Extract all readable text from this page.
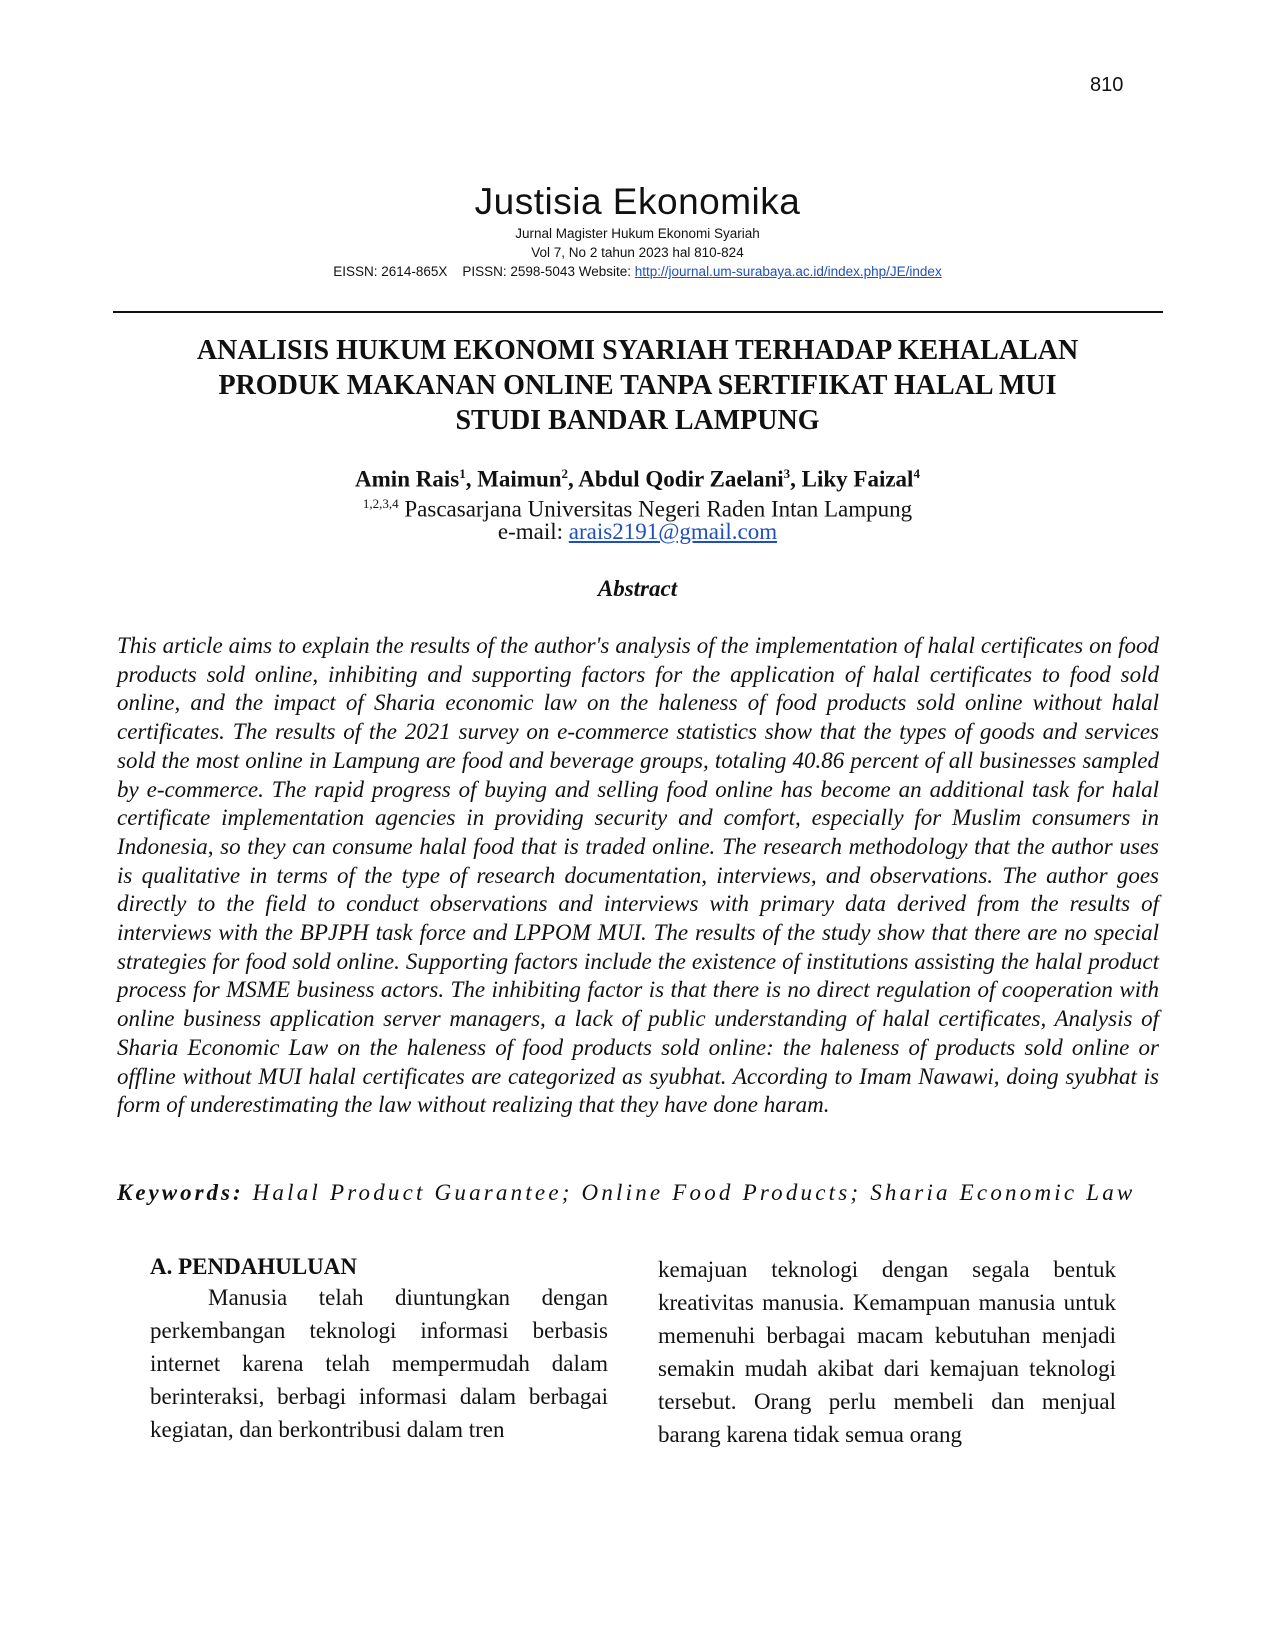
810
Justisia Ekonomika
Jurnal Magister Hukum Ekonomi Syariah
Vol 7, No 2 tahun 2023 hal 810-824
EISSN: 2614-865X PISSN: 2598-5043 Website: http://journal.um-surabaya.ac.id/index.php/JE/index
ANALISIS HUKUM EKONOMI SYARIAH TERHADAP KEHALALAN
PRODUK MAKANAN ONLINE TANPA SERTIFIKAT HALAL MUI
STUDI BANDAR LAMPUNG
Amin Rais$^1$, Maimun$^2$, Abdul Qodir Zaelani$^3$, Liky Faizal$^4$
$^{1,2,3,4}$ Pascasarjana Universitas Negeri Raden Intan Lampung
e-mail: arais2191@gmail.com
Abstract

This article aims to explain the results of the author's analysis of the implementation of halal certificates on food products sold online, inhibiting and supporting factors for the application of halal certificates to food sold online, and the impact of Sharia economic law on the haleness of food products sold online without halal certificates. The results of the 2021 survey on e-commerce statistics show that the types of goods and services sold the most online in Lampung are food and beverage groups, totaling 40.86 percent of all businesses sampled by e-commerce. The rapid progress of buying and selling food online has become an additional task for halal certificate implementation agencies in providing security and comfort, especially for Muslim consumers in Indonesia, so they can consume halal food that is traded online. The research methodology that the author uses is qualitative in terms of the type of research documentation, interviews, and observations. The author goes directly to the field to conduct observations and interviews with primary data derived from the results of interviews with the BPJPH task force and LPPOM MUI. The results of the study show that there are no special strategies for food sold online. Supporting factors include the existence of institutions assisting the halal product process for MSME business actors. The inhibiting factor is that there is no direct regulation of cooperation with online business application server managers, a lack of public understanding of halal certificates, Analysis of Sharia Economic Law on the haleness of food products sold online: the haleness of products sold online or offline without MUI halal certificates are categorized as syubhat. According to Imam Nawawi, doing syubhat is form of underestimating the law without realizing that they have done haram.

Keywords: Halal Product Guarantee; Online Food Products; Sharia Economic Law
A. PENDAHULUAN

Manusia telah diuntungkan dengan perkembangan teknologi informasi berbasis internet karena telah mempermudah dalam berinteraksi, berbagi informasi dalam berbagai kegiatan, dan berkontribusi dalam tren

kemajuan teknologi dengan segala bentuk kreativitas manusia. Kemampuan manusia untuk memenuhi berbagai macam kebutuhan menjadi semakin mudah akibat dari kemajuan teknologi tersebut. Orang perlu membeli dan menjual barang karena tidak semua orang
